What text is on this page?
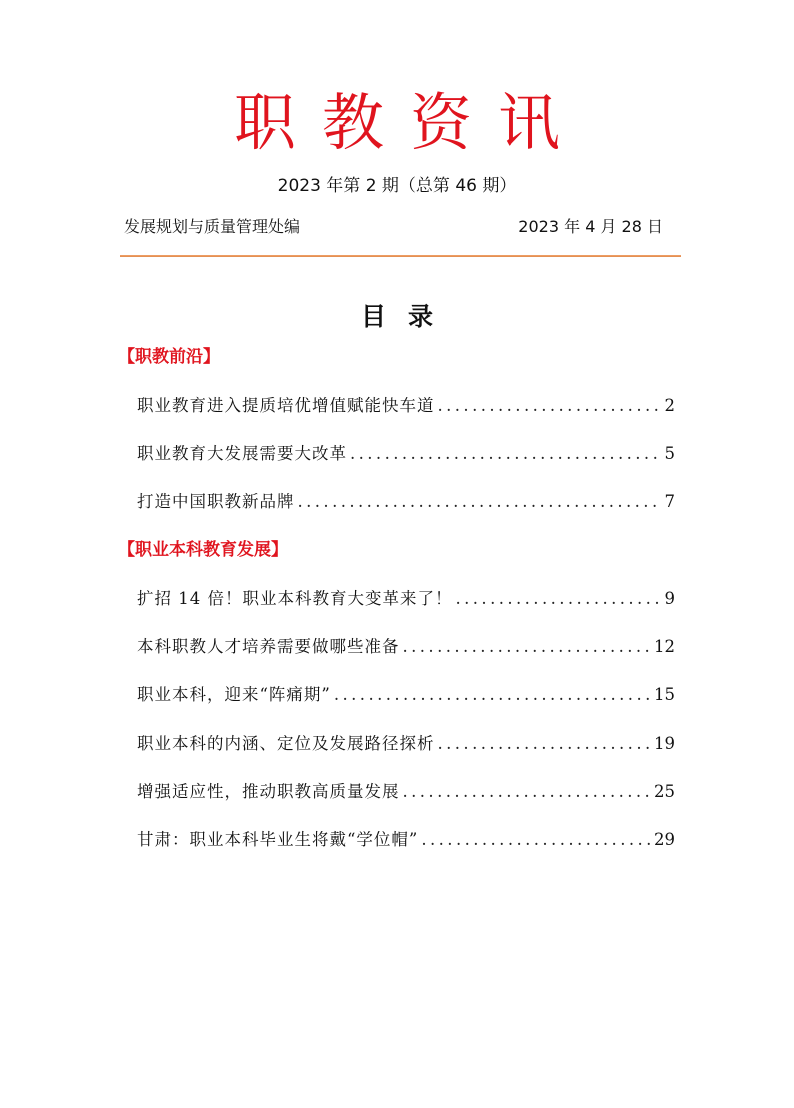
职教资讯
2023 年第 2 期（总第 46 期）
发展规划与质量管理处编	2023 年 4 月 28 日
目录
【职教前沿】
职业教育进入提质培优增值赋能快车道 .....	2
职业教育大发展需要大改革 .....	5
打造中国职教新品牌 .....	7
【职业本科教育发展】
扩招 14 倍！职业本科教育大变革来了！ .....	9
本科职教人才培养需要做哪些准备 .....	12
职业本科，迎来“阵痛期” .....	15
职业本科的内涵、定位及发展路径探析 .....	19
增强适应性，推动职教高质量发展 .....	25
甘肃：职业本科毕业生将戴“学位帽” .....	29
